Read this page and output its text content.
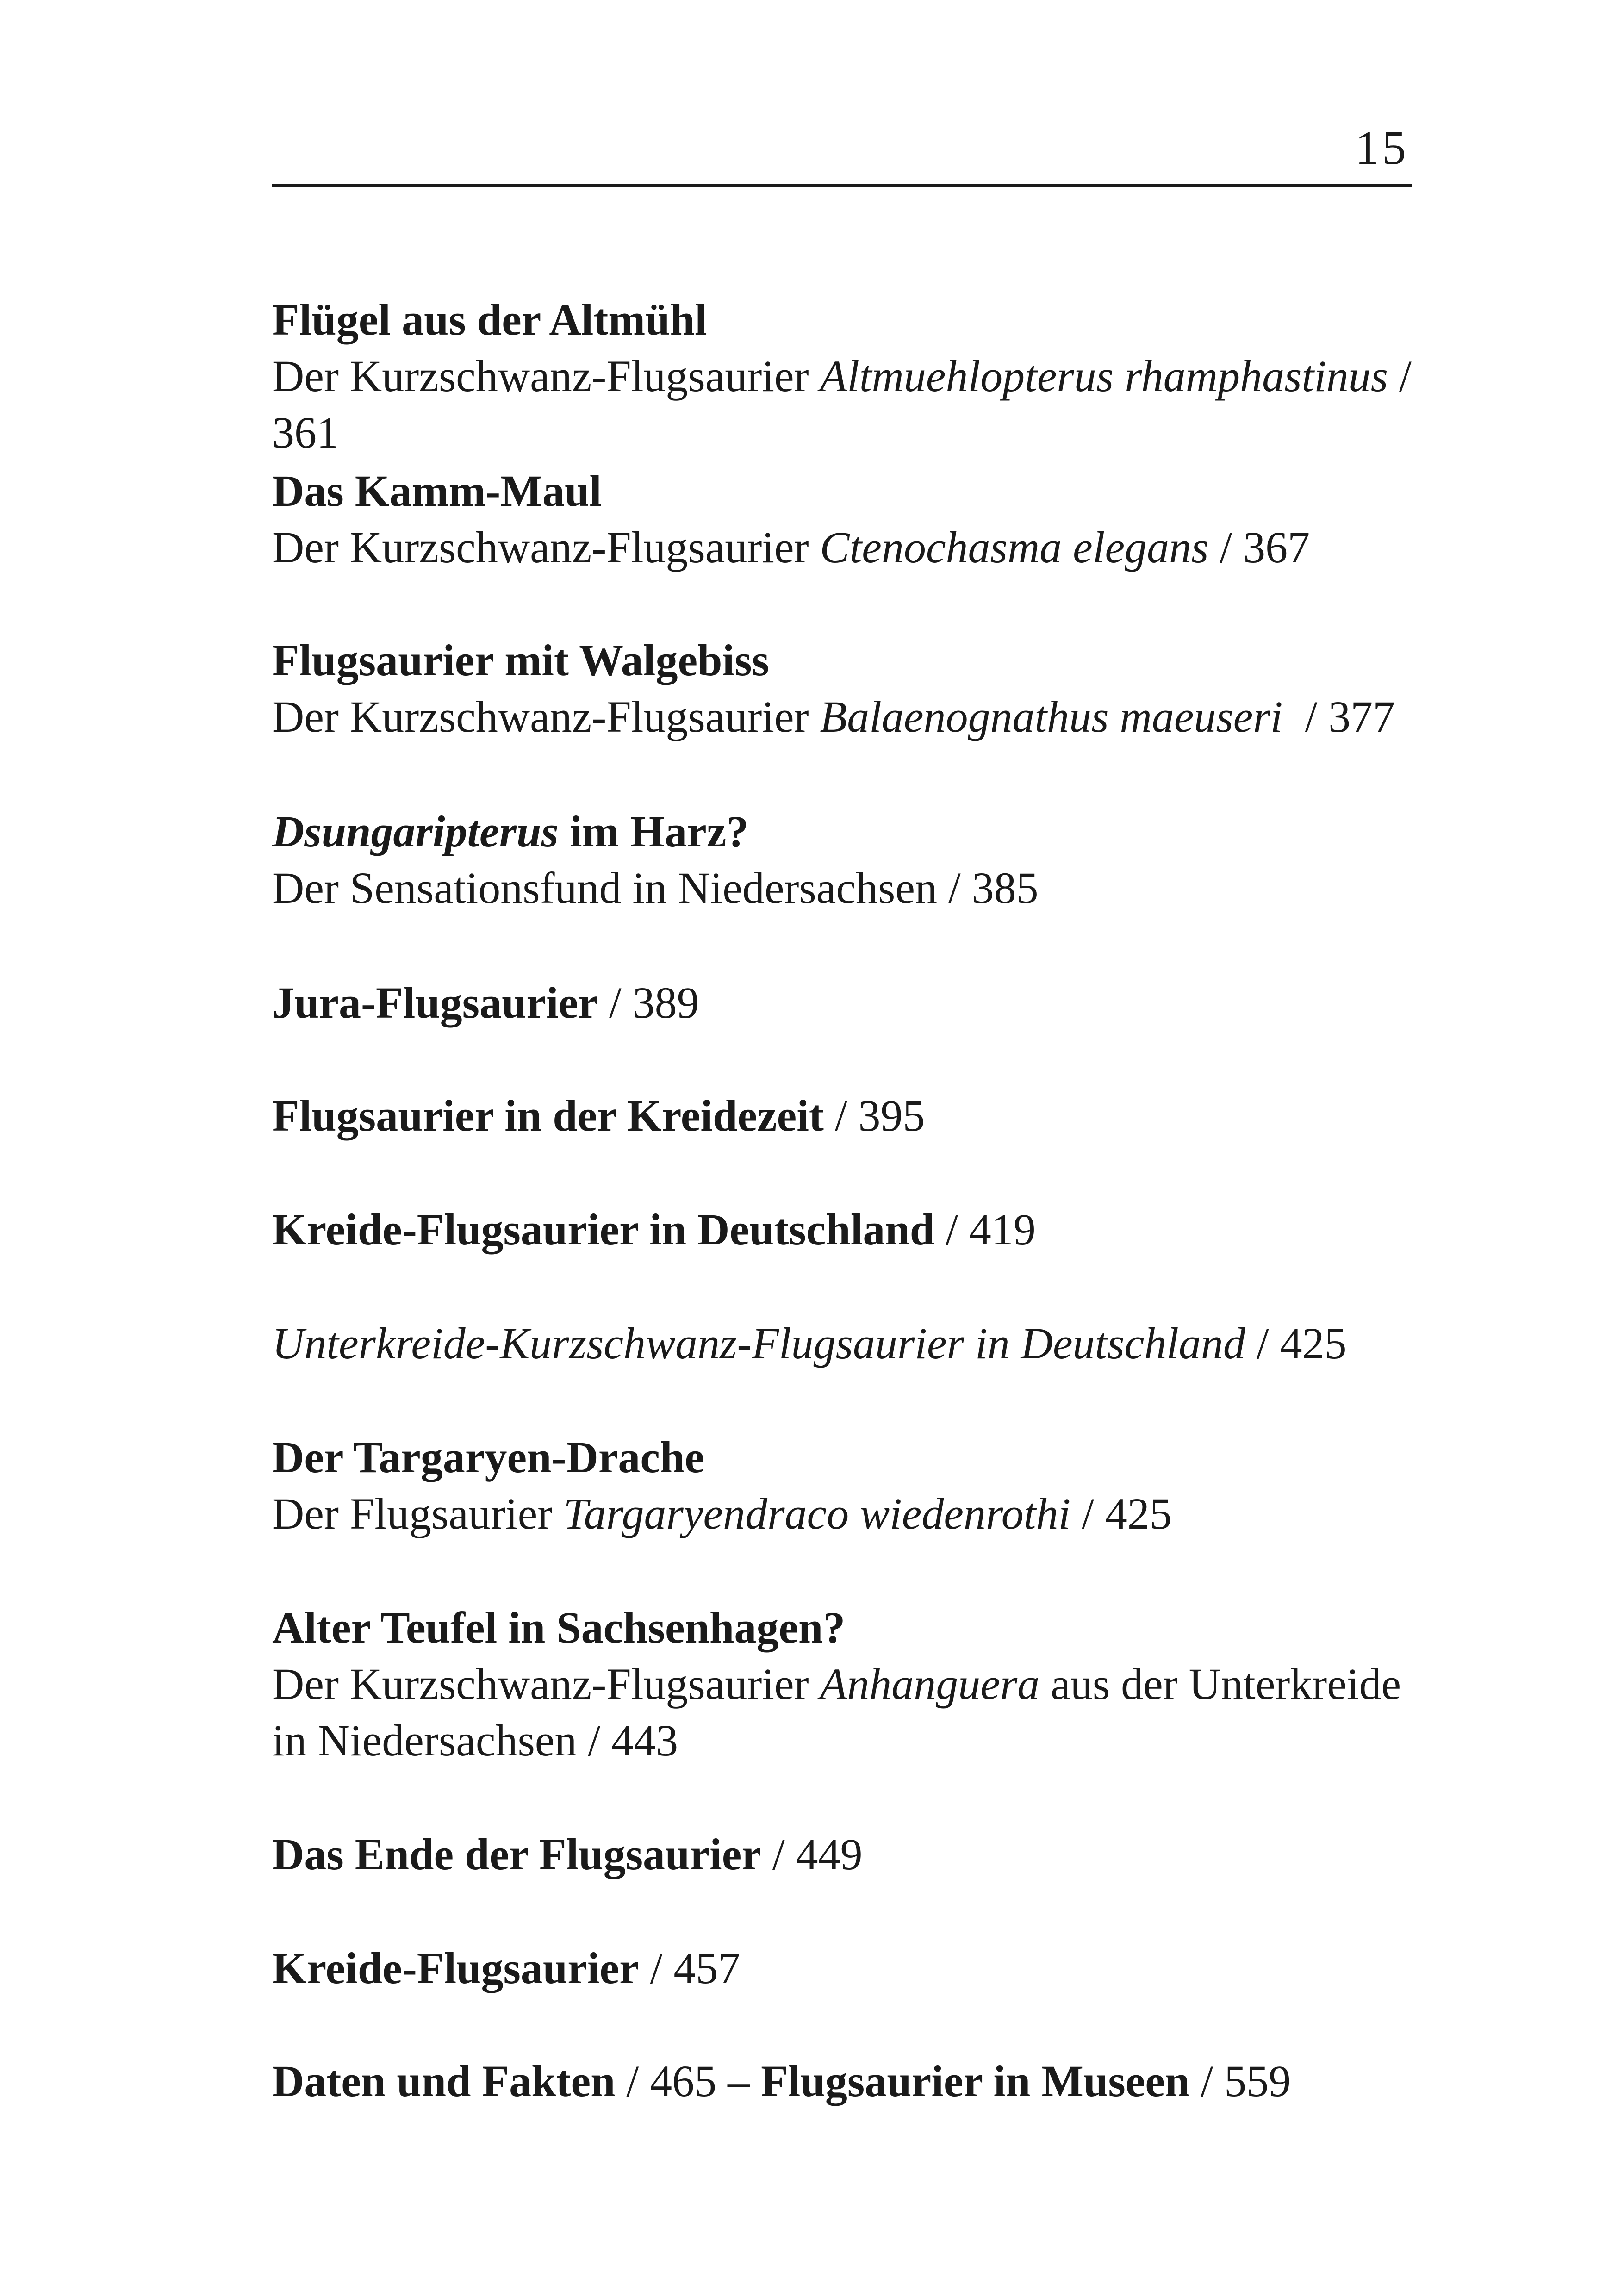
15
Flügel aus der Altmühl
Der Kurzschwanz-Flugsaurier Altmuehlopterus rhamphastinus / 361
Das Kamm-Maul
Der Kurzschwanz-Flugsaurier Ctenochasma elegans / 367
Flugsaurier mit Walgebiss
Der Kurzschwanz-Flugsaurier Balaenognathus maeuseri  / 377
Dsungaripterus im Harz?
Der Sensationsfund in Niedersachsen / 385
Jura-Flugsaurier / 389
Flugsaurier in der Kreidezeit / 395
Kreide-Flugsaurier in Deutschland / 419
Unterkreide-Kurzschwanz-Flugsaurier in Deutschland / 425
Der Targaryen-Drache
Der Flugsaurier Targaryendraco wiedenrothi / 425
Alter Teufel in Sachsenhagen?
Der Kurzschwanz-Flugsaurier Anhanguera aus der Unterkreide
in Niedersachsen / 443
Das Ende der Flugsaurier / 449
Kreide-Flugsaurier / 457
Daten und Fakten / 465 – Flugsaurier in Museen / 559
